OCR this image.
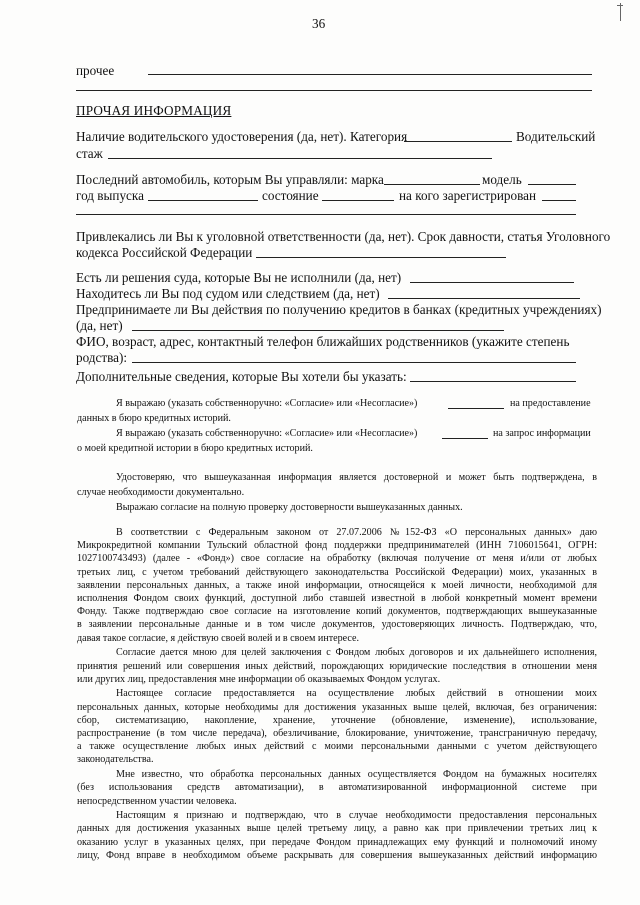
36
прочее
ПРОЧАЯ ИНФОРМАЦИЯ
Наличие водительского удостоверения (да, нет). Категория	Водительский
стаж
Последний автомобиль, которым Вы управляли: марка	модель
год выпуска	состояние	на кого зарегистрирован
Привлекались ли Вы к уголовной ответственности (да, нет). Срок давности, статья Уголовного
кодекса Российской Федерации
Есть ли решения суда, которые Вы не исполнили (да, нет)
Находитесь ли Вы под судом или следствием (да, нет)
Предпринимаете ли Вы действия по получению кредитов в банках (кредитных учреждениях)
(да, нет)
ФИО, возраст, адрес, контактный телефон ближайших родственников (укажите степень
родства):
Дополнительные сведения, которые Вы хотели бы указать:
Я выражаю (указать собственноручно: «Согласие» или «Несогласие»)	на предоставление
данных в бюро кредитных историй.
Я выражаю (указать собственноручно: «Согласие» или «Несогласие»)	на запрос информации
о моей кредитной истории в бюро кредитных историй.
Удостоверяю, что вышеуказанная информация является достоверной и может быть подтверждена, в
случае необходимости документально.
Выражаю согласие на полную проверку достоверности вышеуказанных данных.
В соответствии с Федеральным законом от 27.07.2006 №152-ФЗ «О персональных данных» даю
Микрокредитной компании Тульский областной фонд поддержки предпринимателей (ИНН 7106015641, ОГРН:
1027100743493) (далее - «Фонд») свое согласие на обработку (включая получение от меня и/или от любых
третьих лиц, с учетом требований действующего законодательства Российской Федерации) моих, указанных в
заявлении персональных данных, а также иной информации, относящейся к моей личности, необходимой для
исполнения Фондом своих функций, доступной либо ставшей известной в любой конкретный момент времени
Фонду. Также подтверждаю свое согласие на изготовление копий документов, подтверждающих вышеуказанные
в заявлении персональные данные и в том числе документов, удостоверяющих личность. Подтверждаю, что,
давая такое согласие, я действую своей волей и в своем интересе.
Согласие дается мною для целей заключения с Фондом любых договоров и их дальнейшего исполнения,
принятия решений или совершения иных действий, порождающих юридические последствия в отношении меня
или других лиц, предоставления мне информации об оказываемых Фондом услугах.
Настоящее согласие предоставляется на осуществление любых действий в отношении моих
персональных данных, которые необходимы для достижения указанных выше целей, включая, без ограничения:
сбор, систематизацию, накопление, хранение, уточнение (обновление, изменение), использование,
распространение (в том числе передача), обезличивание, блокирование, уничтожение, трансграничную передачу,
а также осуществление любых иных действий с моими персональными данными с учетом действующего
законодательства.
Мне известно, что обработка персональных данных осуществляется Фондом на бумажных носителях
(без использования средств автоматизации), в автоматизированной информационной системе при
непосредственном участии человека.
Настоящим я признаю и подтверждаю, что в случае необходимости предоставления персональных
данных для достижения указанных выше целей третьему лицу, а равно как при привлечении третьих лиц к
оказанию услуг в указанных целях, при передаче Фондом принадлежащих ему функций и полномочий иному
лицу, Фонд вправе в необходимом объеме раскрывать для совершения вышеуказанных действий информацию
